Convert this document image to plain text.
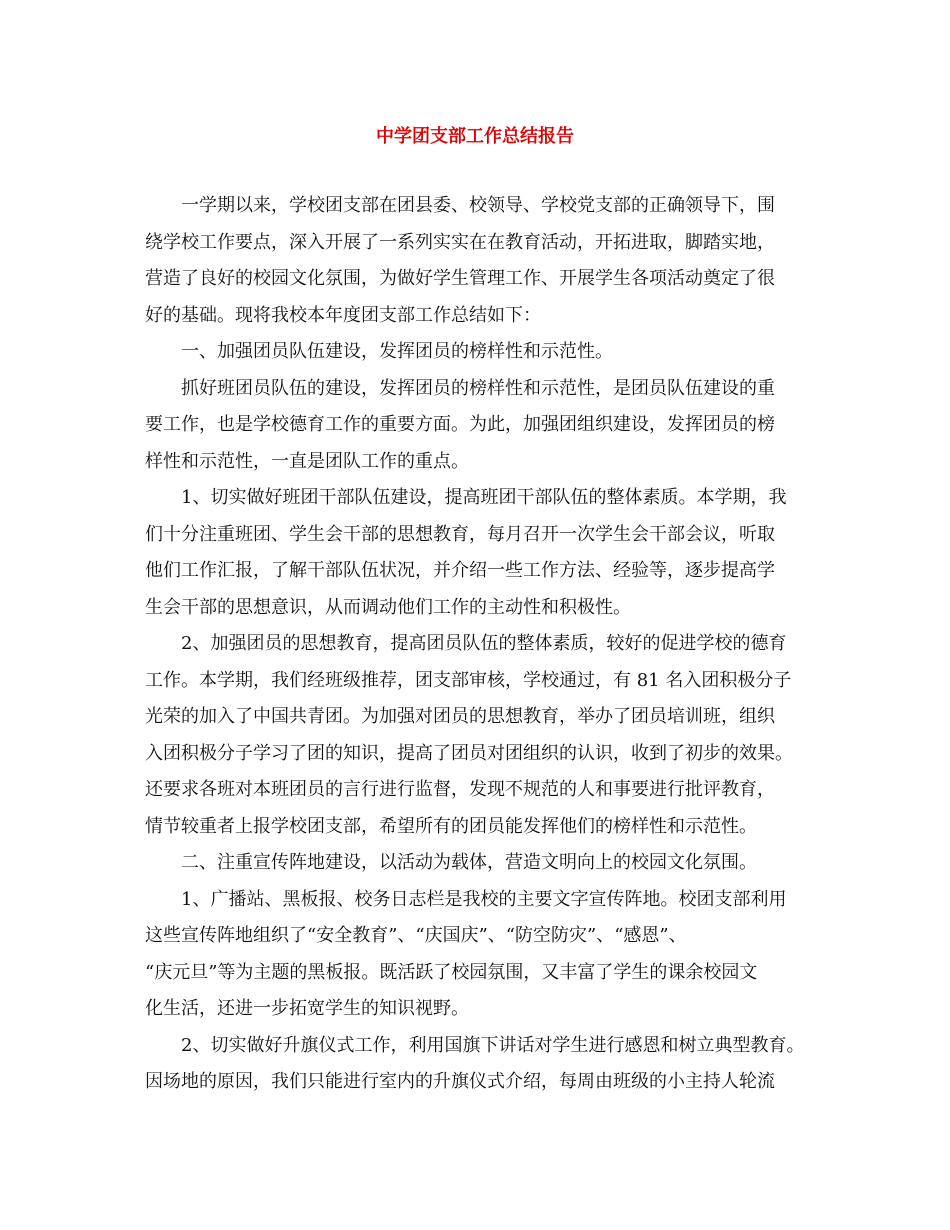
中学团支部工作总结报告
一学期以来，学校团支部在团县委、校领导、学校党支部的正确领导下，围
绕学校工作要点，深入开展了一系列实实在在教育活动，开拓进取，脚踏实地，
营造了良好的校园文化氛围，为做好学生管理工作、开展学生各项活动奠定了很
好的基础。现将我校本年度团支部工作总结如下：
一、加强团员队伍建设，发挥团员的榜样性和示范性。
抓好班团员队伍的建设，发挥团员的榜样性和示范性，是团员队伍建设的重
要工作，也是学校德育工作的重要方面。为此，加强团组织建设，发挥团员的榜
样性和示范性，一直是团队工作的重点。
1、切实做好班团干部队伍建设，提高班团干部队伍的整体素质。本学期，我
们十分注重班团、学生会干部的思想教育，每月召开一次学生会干部会议，听取
他们工作汇报，了解干部队伍状况，并介绍一些工作方法、经验等，逐步提高学
生会干部的思想意识，从而调动他们工作的主动性和积极性。
2、加强团员的思想教育，提高团员队伍的整体素质，较好的促进学校的德育
工作。本学期，我们经班级推荐，团支部审核，学校通过，有 81 名入团积极分子
光荣的加入了中国共青团。为加强对团员的思想教育，举办了团员培训班，组织
入团积极分子学习了团的知识，提高了团员对团组织的认识，收到了初步的效果。
还要求各班对本班团员的言行进行监督，发现不规范的人和事要进行批评教育，
情节较重者上报学校团支部，希望所有的团员能发挥他们的榜样性和示范性。
二、注重宣传阵地建设，以活动为载体，营造文明向上的校园文化氛围。
1、广播站、黑板报、校务日志栏是我校的主要文字宣传阵地。校团支部利用
这些宣传阵地组织了“安全教育”、“庆国庆”、“防空防灾”、“感恩”、
“庆元旦”等为主题的黑板报。既活跃了校园氛围，又丰富了学生的课余校园文
化生活，还进一步拓宽学生的知识视野。
2、切实做好升旗仪式工作，利用国旗下讲话对学生进行感恩和树立典型教育。
因场地的原因，我们只能进行室内的升旗仪式介绍，每周由班级的小主持人轮流
